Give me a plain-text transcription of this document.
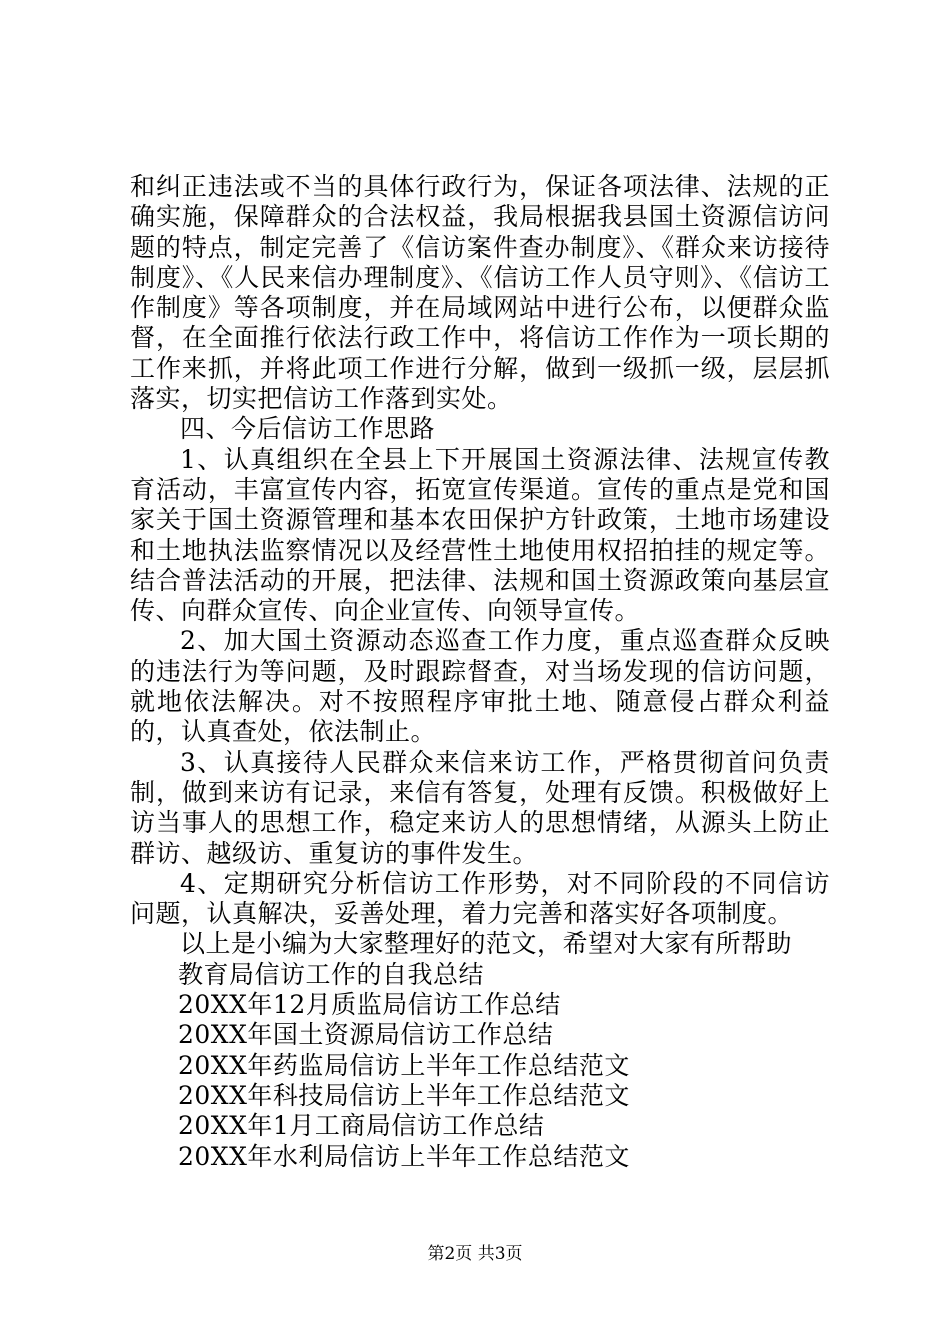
和纠正违法或不当的具体行政行为，保证各项法律、法规的正确实施，保障群众的合法权益，我局根据我县国土资源信访问题的特点，制定完善了《信访案件查办制度》、《群众来访接待制度》、《人民来信办理制度》、《信访工作人员守则》、《信访工作制度》等各项制度，并在局域网站中进行公布，以便群众监督，在全面推行依法行政工作中，将信访工作作为一项长期的工作来抓，并将此项工作进行分解，做到一级抓一级，层层抓落实，切实把信访工作落到实处。

四、今后信访工作思路

1、认真组织在全县上下开展国土资源法律、法规宣传教育活动，丰富宣传内容，拓宽宣传渠道。宣传的重点是党和国家关于国土资源管理和基本农田保护方针政策，土地市场建设和土地执法监察情况以及经营性土地使用权招拍挂的规定等。结合普法活动的开展，把法律、法规和国土资源政策向基层宣传、向群众宣传、向企业宣传、向领导宣传。

2、加大国土资源动态巡查工作力度，重点巡查群众反映的违法行为等问题，及时跟踪督查，对当场发现的信访问题，就地依法解决。对不按照程序审批土地、随意侵占群众利益的，认真查处，依法制止。

3、认真接待人民群众来信来访工作，严格贯彻首问负责制，做到来访有记录，来信有答复，处理有反馈。积极做好上访当事人的思想工作，稳定来访人的思想情绪，从源头上防止群访、越级访、重复访的事件发生。

4、定期研究分析信访工作形势，对不同阶段的不同信访问题，认真解决，妥善处理，着力完善和落实好各项制度。

以上是小编为大家整理好的范文，希望对大家有所帮助

教育局信访工作的自我总结
20XX年12月质监局信访工作总结
20XX年国土资源局信访工作总结
20XX年药监局信访上半年工作总结范文
20XX年科技局信访上半年工作总结范文
20XX年1月工商局信访工作总结
20XX年水利局信访上半年工作总结范文
第2页 共3页
